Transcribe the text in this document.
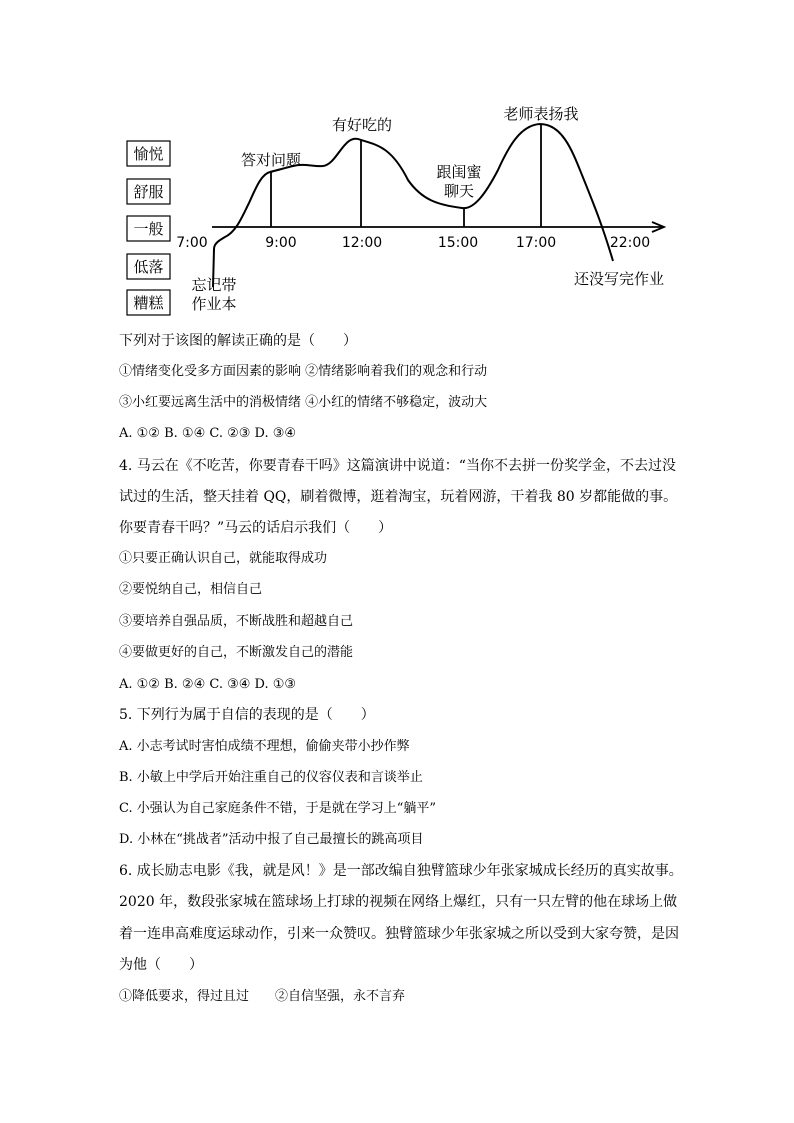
愉悦
舒服
一般
低落
糟糕
7:00	9:00	12:00	15:00	17:00	22:00
忘记带
作业本
答对问题
有好吃的
跟闺蜜
聊天
老师表扬我
还没写完作业
下列对于该图的解读正确的是（　　）
①情绪变化受多方面因素的影响 ②情绪影响着我们的观念和行动
③小红要远离生活中的消极情绪 ④小红的情绪不够稳定，波动大
A. ①② B. ①④ C. ②③ D. ③④
4. 马云在《不吃苦，你要青春干吗》这篇演讲中说道：“当你不去拼一份奖学金，不去过没
试过的生活，整天挂着 QQ，刷着微博，逛着淘宝，玩着网游，干着我 80 岁都能做的事。
你要青春干吗？”马云的话启示我们（　　）
①只要正确认识自己，就能取得成功
②要悦纳自己，相信自己
③要培养自强品质，不断战胜和超越自己
④要做更好的自己，不断激发自己的潜能
A. ①② B. ②④ C. ③④ D. ①③
5. 下列行为属于自信的表现的是（　　）
A. 小志考试时害怕成绩不理想，偷偷夹带小抄作弊
B. 小敏上中学后开始注重自己的仪容仪表和言谈举止
C. 小强认为自己家庭条件不错，于是就在学习上“躺平”
D. 小林在“挑战者”活动中报了自己最擅长的跳高项目
6. 成长励志电影《我，就是风！》是一部改编自独臂篮球少年张家城成长经历的真实故事。
2020 年，数段张家城在篮球场上打球的视频在网络上爆红，只有一只左臂的他在球场上做
着一连串高难度运球动作，引来一众赞叹。独臂篮球少年张家城之所以受到大家夸赞，是因
为他（　　）
①降低要求，得过且过　　②自信坚强，永不言弃
